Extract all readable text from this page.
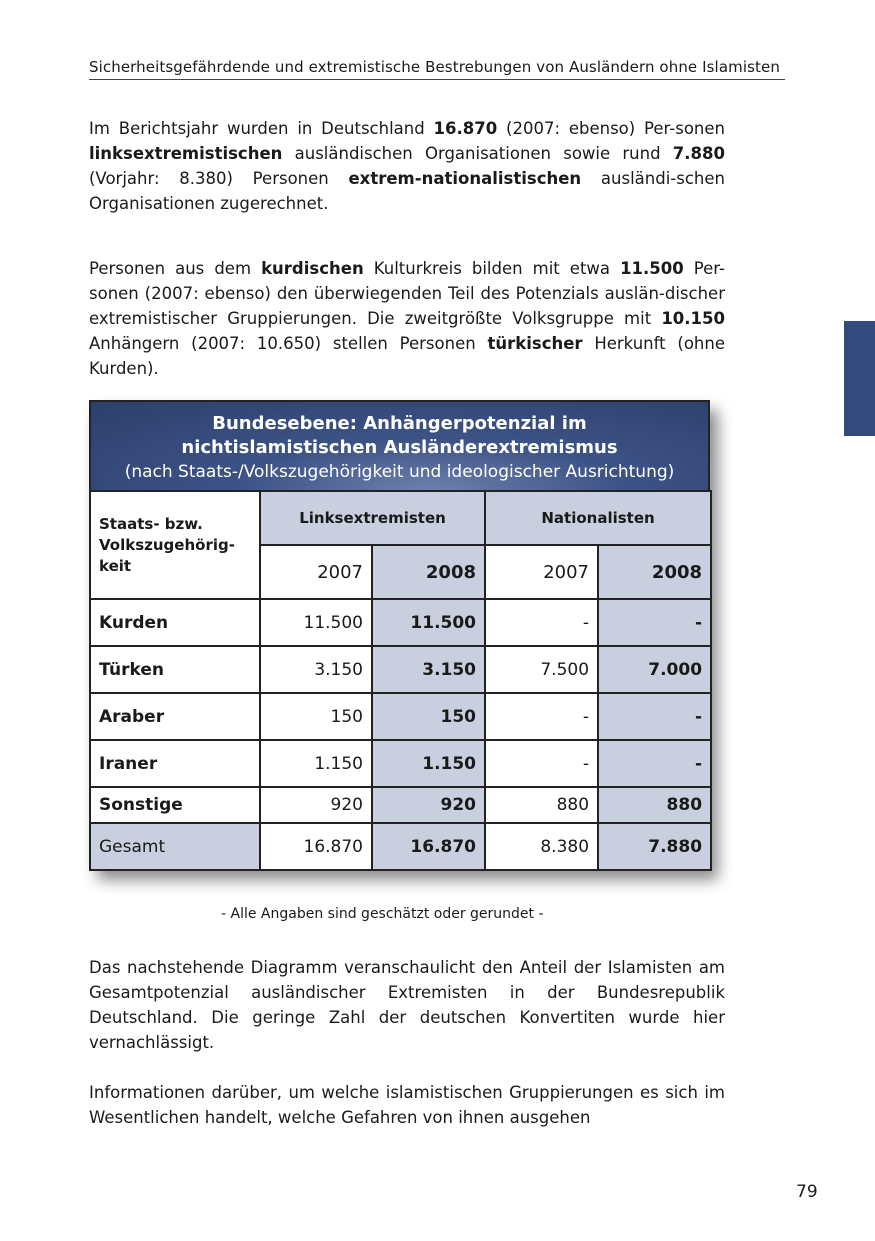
Sicherheitsgefährdende und extremistische Bestrebungen von Ausländern ohne Islamisten

Im Berichtsjahr wurden in Deutschland 16.870 (2007: ebenso) Per-sonen linksextremistischen ausländischen Organisationen sowie rund 7.880 (Vorjahr: 8.380) Personen extrem-nationalistischen ausländi-schen Organisationen zugerechnet.

Personen aus dem kurdischen Kulturkreis bilden mit etwa 11.500 Per-sonen (2007: ebenso) den überwiegenden Teil des Potenzials auslän-discher extremistischer Gruppierungen. Die zweitgrößte Volksgruppe mit 10.150 Anhängern (2007: 10.650) stellen Personen türkischer Herkunft (ohne Kurden).

Bundesebene: Anhängerpotenzial im
nichtislamistischen Ausländerextremismus
(nach Staats-/Volkszugehörigkeit und ideologischer Ausrichtung)
Staats- bzw. Volkszugehörig-keit	Linksextremisten		Nationalisten	
	2007	2008	2007	2008
Kurden	11.500	11.500	-	-
Türken	3.150	3.150	7.500	7.000
Araber	150	150	-	-
Iraner	1.150	1.150	-	-
Sonstige	920	920	880	880
Gesamt	16.870	16.870	8.380	7.880
- Alle Angaben sind geschätzt oder gerundet -

Das nachstehende Diagramm veranschaulicht den Anteil der Islamisten am Gesamtpotenzial ausländischer Extremisten in der Bundesrepublik Deutschland. Die geringe Zahl der deutschen Konvertiten wurde hier vernachlässigt.

Informationen darüber, um welche islamistischen Gruppierungen es sich im Wesentlichen handelt, welche Gefahren von ihnen ausgehen

79
